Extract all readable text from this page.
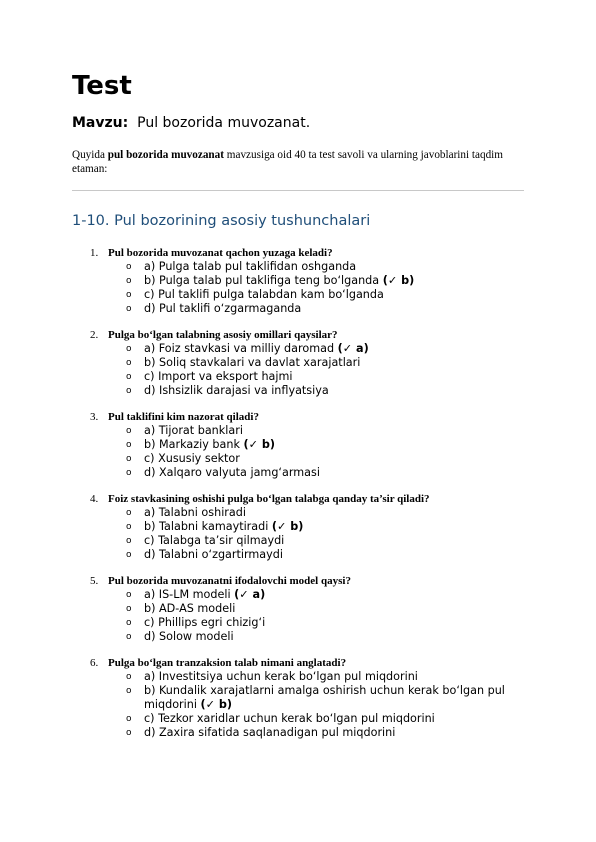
Test
Mavzu: Pul bozorida muvozanat.
Quyida pul bozorida muvozanat mavzusiga oid 40 ta test savoli va ularning javoblarini taqdim etaman:
1-10. Pul bozorining asosiy tushunchalari
1. Pul bozorida muvozanat qachon yuzaga keladi?
o a) Pulga talab pul taklifidan oshganda
o b) Pulga talab pul taklifiga teng bo‘lganda (✓ b)
o c) Pul taklifi pulga talabdan kam bo‘lganda
o d) Pul taklifi o‘zgarmaganda
2. Pulga bo‘lgan talabning asosiy omillari qaysilar?
o a) Foiz stavkasi va milliy daromad (✓ a)
o b) Soliq stavkalari va davlat xarajatlari
o c) Import va eksport hajmi
o d) Ishsizlik darajasi va inflyatsiya
3. Pul taklifini kim nazorat qiladi?
o a) Tijorat banklari
o b) Markaziy bank (✓ b)
o c) Xususiy sektor
o d) Xalqaro valyuta jamg‘armasi
4. Foiz stavkasining oshishi pulga bo‘lgan talabga qanday ta’sir qiladi?
o a) Talabni oshiradi
o b) Talabni kamaytiradi (✓ b)
o c) Talabga ta’sir qilmaydi
o d) Talabni o‘zgartirmaydi
5. Pul bozorida muvozanatni ifodalovchi model qaysi?
o a) IS-LM modeli (✓ a)
o b) AD-AS modeli
o c) Phillips egri chizig‘i
o d) Solow modeli
6. Pulga bo‘lgan tranzaksion talab nimani anglatadi?
o a) Investitsiya uchun kerak bo‘lgan pul miqdorini
o b) Kundalik xarajatlarni amalga oshirish uchun kerak bo‘lgan pul miqdorini (✓ b)
o c) Tezkor xaridlar uchun kerak bo‘lgan pul miqdorini
o d) Zaxira sifatida saqlanadigan pul miqdorini
